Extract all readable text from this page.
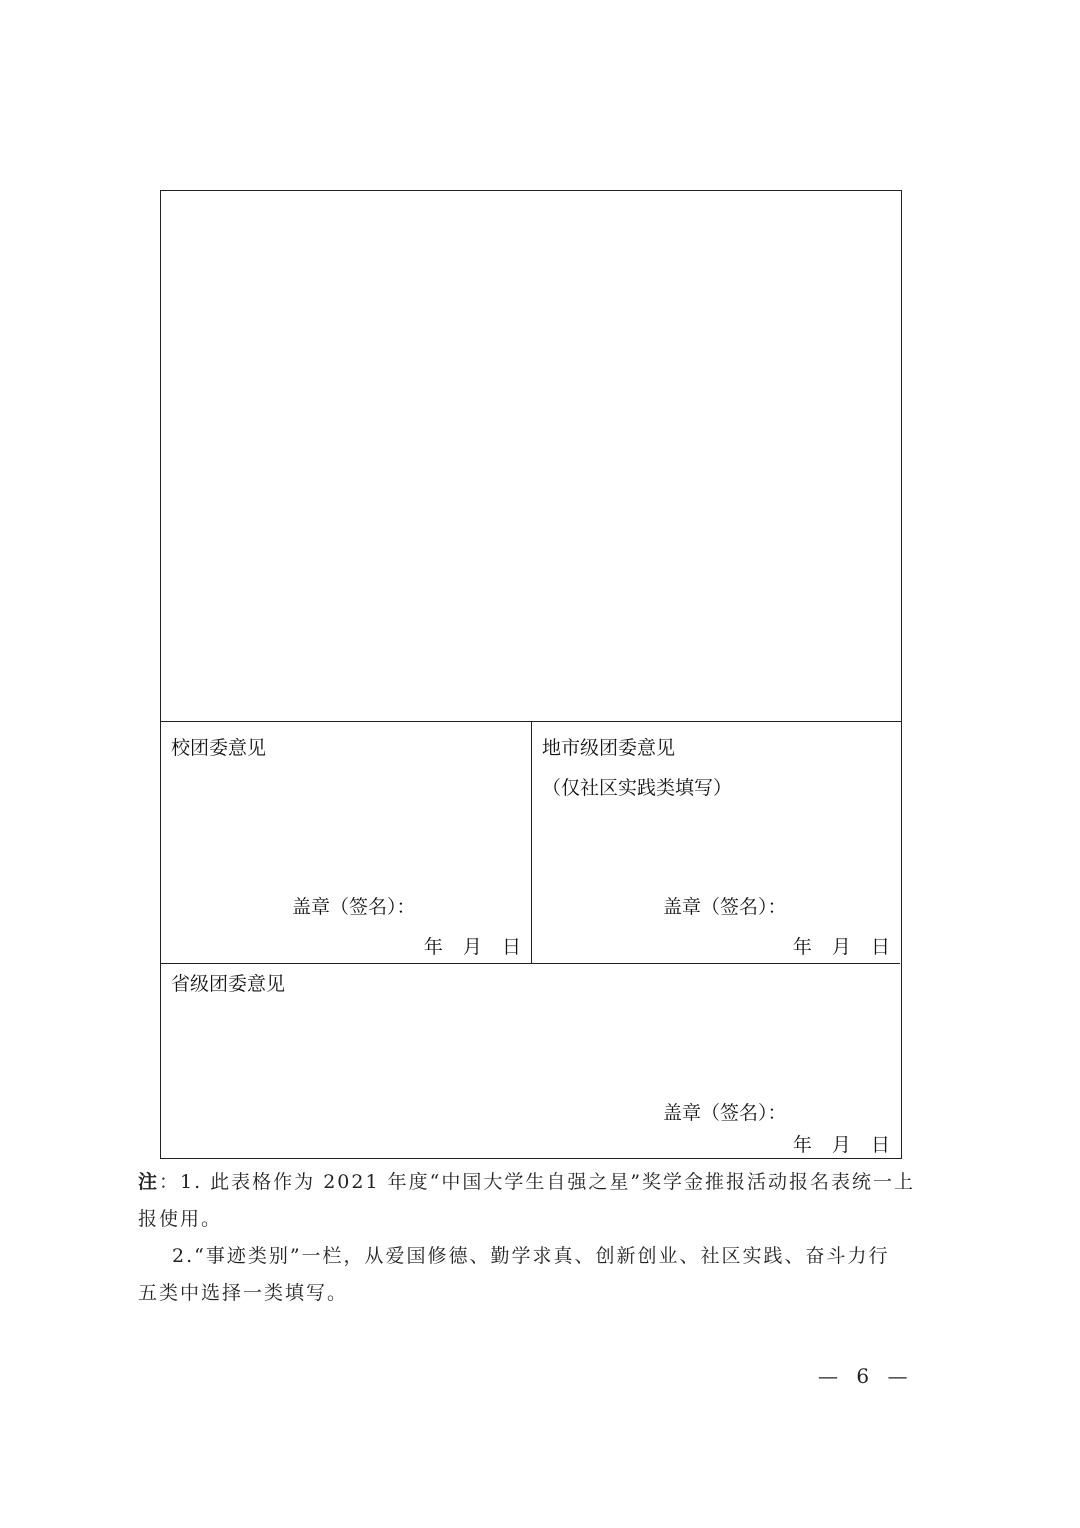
校团委意见
盖章（签名）：
年 月 日
地市级团委意见
（仅社区实践类填写）
盖章（签名）：
年 月 日
省级团委意见
盖章（签名）：
年 月 日
注：1. 此表格作为 2021 年度“中国大学生自强之星”奖学金推报活动报名表统一上
报使用。
2.“事迹类别”一栏，从爱国修德、勤学求真、创新创业、社区实践、奋斗力行
五类中选择一类填写。
— 6 —
